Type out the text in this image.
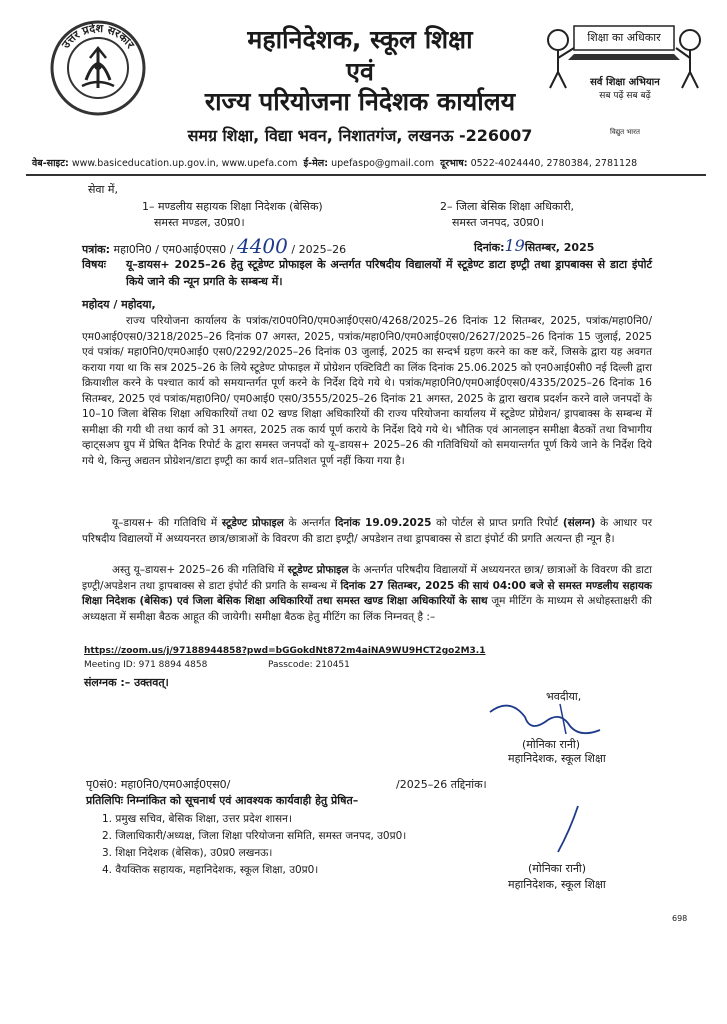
उत्तर प्रदेश सरकार	महानिदेशक, स्कूल शिक्षा
एवं
राज्य परियोजना निदेशक कार्यालय
समग्र शिक्षा, विद्या भवन, निशातगंज, लखनऊ -226007
शिक्षा का अधिकार
सर्व शिक्षा अभियान
सब पढ़ें सब बढ़ें
विद्युत भारत
वेब-साइट: www.basiceducation.up.gov.in, www.upefa.com ई-मेल: upefaspo@gmail.com दूरभाष: 0522-4024440, 2780384, 2781128
सेवा में,
1– मण्डलीय सहायक शिक्षा निदेशक (बेसिक)
समस्त मण्डल, उ0प्र0।
2– जिला बेसिक शिक्षा अधिकारी,
समस्त जनपद, उ0प्र0।
पत्रांक: महा0नि0 / एम0आई0एस0 / 4400 / 2025–26	दिनांक:19सितम्बर, 2025
विषयः	यू–डायस+ 2025–26 हेतु स्टूडेण्ट प्रोफाइल के अन्तर्गत परिषदीय विद्यालयों में स्टूडेण्ट डाटा इण्ट्री तथा ड्रापबाक्स से डाटा इंपोर्ट किये जाने की न्यून प्रगति के सम्बन्ध में।
महोदय / महोदया,
राज्य परियोजना कार्यालय के पत्रांक/रा0प0नि0/एम0आई0एस0/4268/2025–26 दिनांक 12 सितम्बर, 2025, पत्रांक/महा0नि0/एम0आई0एस0/3218/2025–26 दिनांक 07 अगस्त, 2025, पत्रांक/महा0नि0/एम0आई0एस0/2627/2025–26 दिनांक 15 जुलाई, 2025 एवं पत्रांक/ महा0नि0/एम0आई0 एस0/2292/2025–26 दिनांक 03 जुलाई, 2025 का सन्दर्भ ग्रहण करने का कष्ट करें, जिसके द्वारा यह अवगत कराया गया था कि सत्र 2025–26 के लिये स्टूडेण्ट प्रोफाइल में प्रोग्रेशन एक्टिविटी का लिंक दिनांक 25.06.2025 को एन0आई0सी0 नई दिल्ली द्वारा क्रियाशील करने के पश्चात कार्य को समयान्तर्गत पूर्ण करने के निर्देश दिये गये थे। पत्रांक/महा0नि0/एम0आई0एस0/4335/2025–26 दिनांक 16 सितम्बर, 2025 एवं पत्रांक/महा0नि0/ एम0आई0 एस0/3555/2025–26 दिनांक 21 अगस्त, 2025 के द्वारा खराब प्रदर्शन करने वाले जनपदों के 10–10 जिला बेसिक शिक्षा अधिकारियों तथा 02 खण्ड शिक्षा अधिकारियों की राज्य परियोजना कार्यालय में स्टूडेण्ट प्रोग्रेशन/ ड्रापबाक्स के सम्बन्ध में समीक्षा की गयी थी तथा कार्य को 31 अगस्त, 2025 तक कार्य पूर्ण कराये के निर्देश दिये गये थे। भौतिक एवं आनलाइन समीक्षा बैठकों तथा विभागीय व्हाट्सअप ग्रुप में प्रेषित दैनिक रिपोर्ट के द्वारा समस्त जनपदों को यू–डायस+ 2025–26 की गतिविधियों को समयान्तर्गत पूर्ण किये जाने के निर्देश दिये गये थे, किन्तु अद्यतन प्रोग्रेशन/डाटा इण्ट्री का कार्य शत–प्रतिशत पूर्ण नहीं किया गया है।
यू–डायस+ की गतिविधि में स्टूडेण्ट प्रोफाइल के अन्तर्गत दिनांक 19.09.2025 को पोर्टल से प्राप्त प्रगति रिपोर्ट (संलग्न) के आधार पर परिषदीय विद्यालयों में अध्ययनरत छात्र/छात्राओं के विवरण की डाटा इण्ट्री/ अपडेशन तथा ड्रापबाक्स से डाटा इंपोर्ट की प्रगति अत्यन्त ही न्यून है।
अस्तु यू–डायस+ 2025–26 की गतिविधि में स्टूडेण्ट प्रोफाइल के अन्तर्गत परिषदीय विद्यालयों में अध्ययनरत छात्र/ छात्राओं के विवरण की डाटा इण्ट्री/अपडेशन तथा ड्रापबाक्स से डाटा इंपोर्ट की प्रगति के सम्बन्ध में दिनांक 27 सितम्बर, 2025 की सायं 04:00 बजे से समस्त मण्डलीय सहायक शिक्षा निदेशक (बेसिक) एवं जिला बेसिक शिक्षा अधिकारियों तथा समस्त खण्ड शिक्षा अधिकारियों के साथ जूम मीटिंग के माध्यम से अधोहस्ताक्षरी की अध्यक्षता में समीक्षा बैठक आहूत की जायेगी। समीक्षा बैठक हेतु मीटिंग का लिंक निम्नवत् है :–
https://zoom.us/j/97188944858?pwd=bGGokdNt872m4aiNA9WU9HCT2go2M3.1
Meeting ID: 971 8894 4858	Passcode: 210451
संलग्नक :– उक्तवत्।
भवदीया,
(मोनिका रानी)
महानिदेशक, स्कूल शिक्षा
पृ0सं0: महा0नि0/एम0आई0एस0/	/2025–26 तद्दिनांक।
प्रतिलिपिः निम्नांकित को सूचनार्थ एवं आवश्यक कार्यवाही हेतु प्रेषित–
1. प्रमुख सचिव, बेसिक शिक्षा, उत्तर प्रदेश शासन।
2. जिलाधिकारी/अध्यक्ष, जिला शिक्षा परियोजना समिति, समस्त जनपद, उ0प्र0।
3. शिक्षा निदेशक (बेसिक), उ0प्र0 लखनऊ।
4. वैयक्तिक सहायक, महानिदेशक, स्कूल शिक्षा, उ0प्र0।	(मोनिका रानी)
महानिदेशक, स्कूल शिक्षा
698
